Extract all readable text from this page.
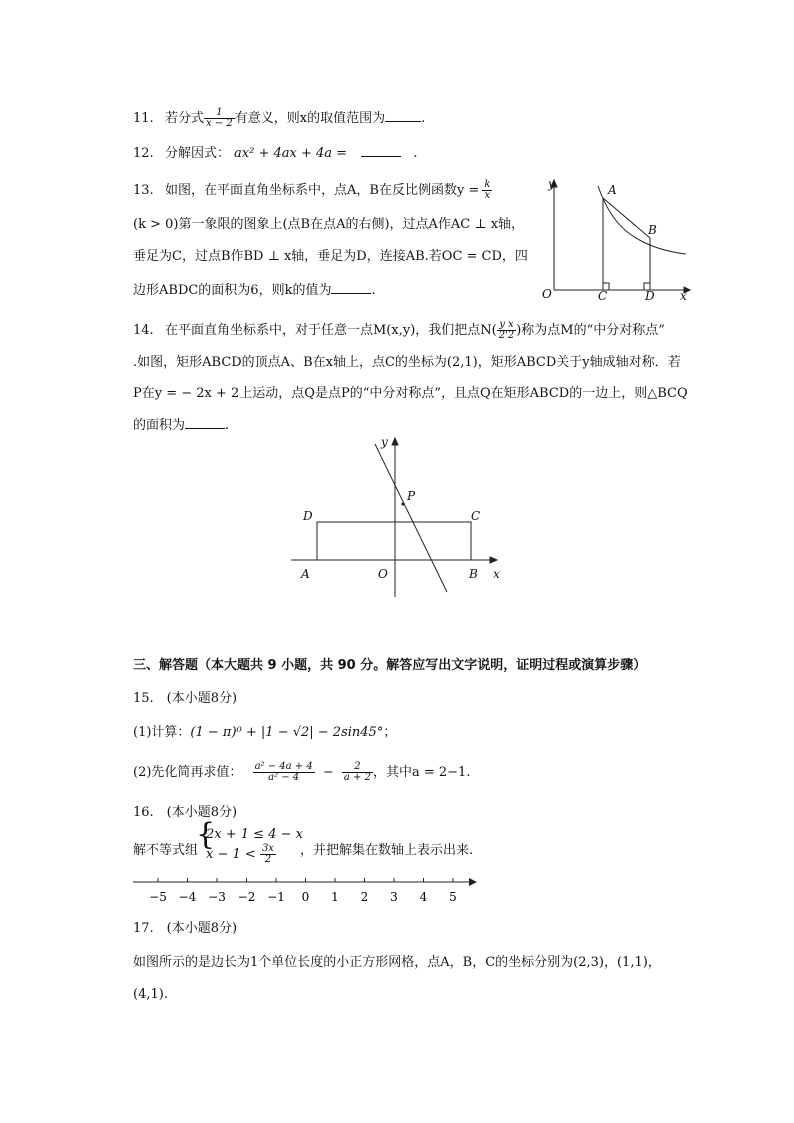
11. 若分式 $\frac{1}{x - 2}$ 有意义，则x的取值范围为	.
12. 分解因式： ax² + 4ax + 4a =	.
13. 如图，在平面直角坐标系中，点A，B在反比例函数$y = \frac{k}{x}$
(k > 0)第一象限的图象上(点B在点A的右侧)，过点A作AC ⊥ x轴，
垂足为C，过点B作BD ⊥ x轴，垂足为D，连接AB.若OC = CD，四
边形ABDC的面积为6，则k的值为	.
y	A
B
O	C	D x
14. 在平面直角坐标系中，对于任意一点M(x,y)，我们把点$N( \frac{\text{y x}}{2'2}$ )称为点M的“中分对称点”
.如图，矩形ABCD的顶点A、B在x轴上，点C的坐标为(2,1)，矩形ABCD关于y轴成轴对称．若
P在y = − 2x + 2上运动，点Q是点P的“中分对称点”，且点Q在矩形ABCD的一边上，则△BCQ
的面积为	.
y
P
D	C
A	O	B x
三、解答题（本大题共 9 小题，共 90 分。解答应写出文字说明，证明过程或演算步骤）
15.　(本小题8分)
(1)计算：(1 − π)⁰ + |1 − √2| − 2sin45°；
(2)先化简再求值： $\frac{\text{a² − 4a + 4}}{\text{a² − 4}} - \frac{2}{a + 2}$ ，其中a = 2−1.
16.　(本小题8分)
解不等式组
{
2x + 1 ≤ 4 − x
$x - 1 < \frac{3x}{2}$ ，并把解集在数轴上表示出来.
−5 −4 −3 −2 −1 0 1 2 3 4 5
17.　(本小题8分)
如图所示的是边长为1个单位长度的小正方形网格，点A，B，C的坐标分别为(2,3)，(1,1)，
(4,1).
